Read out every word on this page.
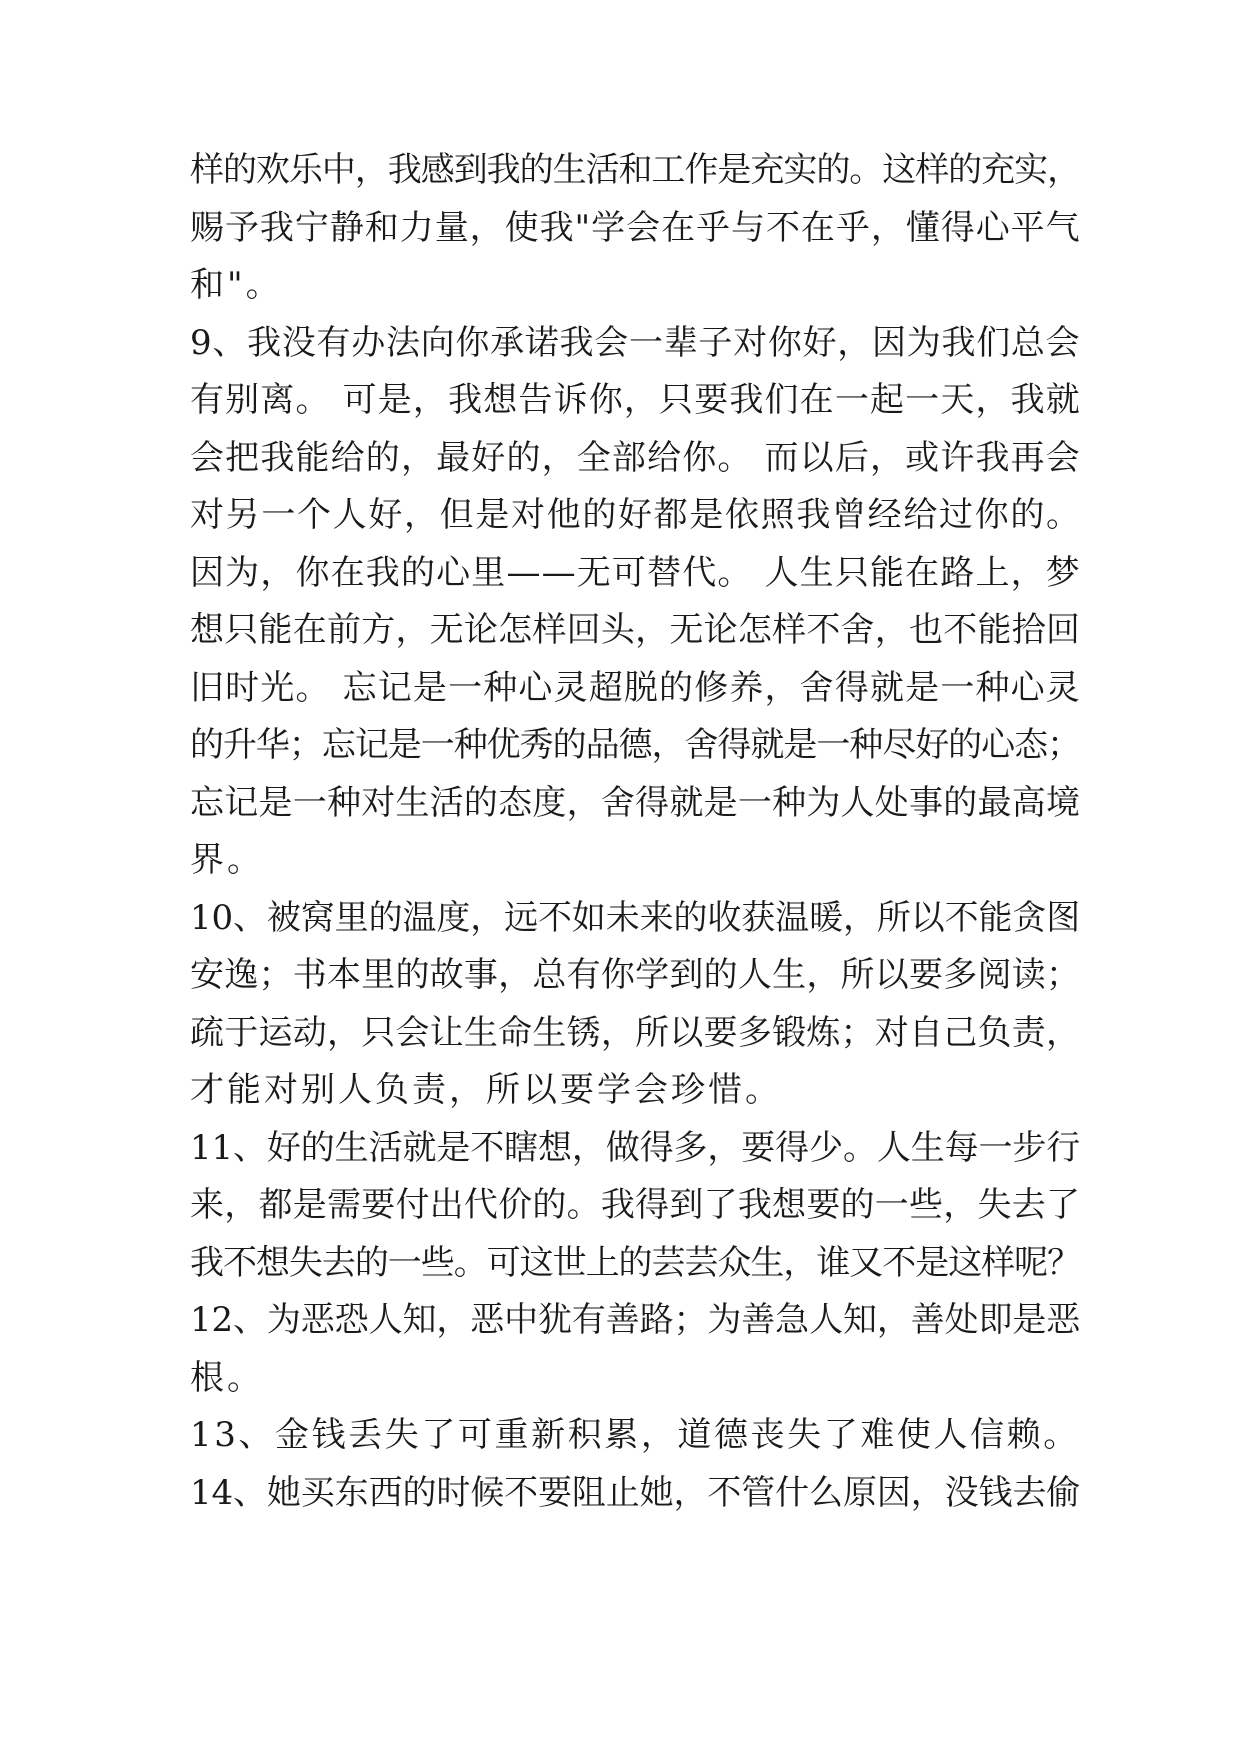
样的欢乐中，我感到我的生活和工作是充实的。这样的充实，
赐予我宁静和力量，使我"学会在乎与不在乎，懂得心平气
和"。
9、我没有办法向你承诺我会一辈子对你好，因为我们总会
有别离。 可是，我想告诉你，只要我们在一起一天，我就
会把我能给的，最好的，全部给你。 而以后，或许我再会
对另一个人好，但是对他的好都是依照我曾经给过你的。
因为，你在我的心里——无可替代。 人生只能在路上，梦
想只能在前方，无论怎样回头，无论怎样不舍，也不能拾回
旧时光。 忘记是一种心灵超脱的修养，舍得就是一种心灵
的升华；忘记是一种优秀的品德，舍得就是一种尽好的心态；
忘记是一种对生活的态度，舍得就是一种为人处事的最高境
界。
10、被窝里的温度，远不如未来的收获温暖，所以不能贪图
安逸；书本里的故事，总有你学到的人生，所以要多阅读；
疏于运动，只会让生命生锈，所以要多锻炼；对自己负责，
才能对别人负责，所以要学会珍惜。
11、好的生活就是不瞎想，做得多，要得少。人生每一步行
来，都是需要付出代价的。我得到了我想要的一些，失去了
我不想失去的一些。可这世上的芸芸众生，谁又不是这样呢？
12、为恶恐人知，恶中犹有善路；为善急人知，善处即是恶
根。
13、金钱丢失了可重新积累，道德丧失了难使人信赖。
14、她买东西的时候不要阻止她，不管什么原因，没钱去偷
